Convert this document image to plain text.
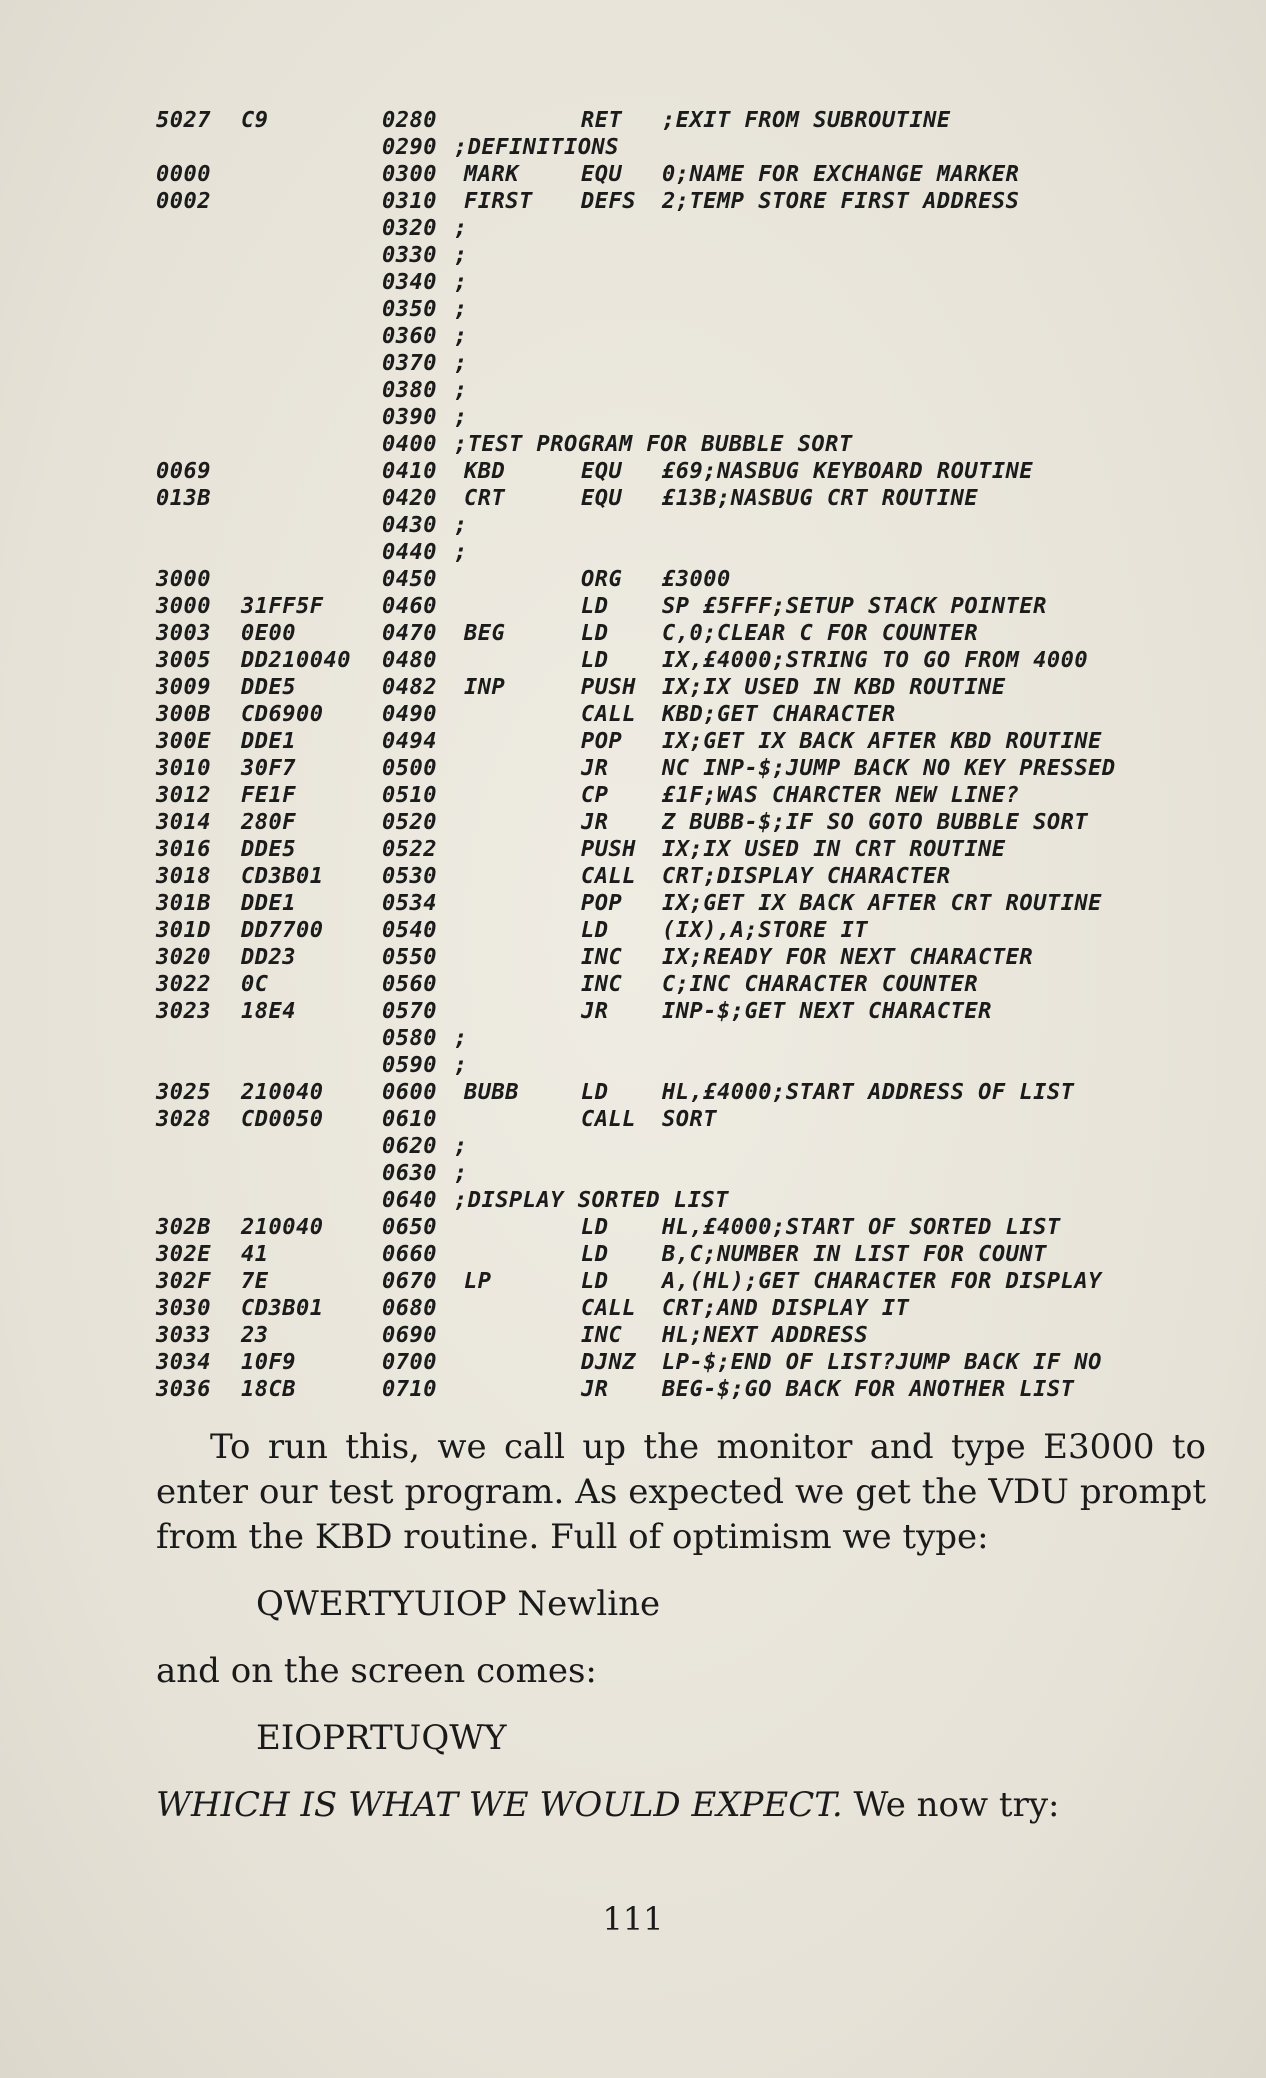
5027 C9	0280	RET ;EXIT FROM SUBROUTINE
0290 ;DEFINITIONS
0000	0300 MARK	EQU 0;NAME FOR EXCHANGE MARKER
0002	0310 FIRST DEFS 2;TEMP STORE FIRST ADDRESS
0320 ;
0330 ;
0340 ;
0350 ;
0360 ;
0370 ;
0380 ;
0390 ;
0400 ;TEST PROGRAM FOR BUBBLE SORT
0069	0410 KBD	EQU £69;NASBUG KEYBOARD ROUTINE
013B	0420 CRT	EQU £13B;NASBUG CRT ROUTINE
0430 ;
0440 ;
3000	0450	ORG £3000
3000 31FF5F	0460	LD SP £5FFF;SETUP STACK POINTER
3003 0E00	0470 BEG	LD C,0;CLEAR C FOR COUNTER
3005 DD210040 0480	LD IX,£4000;STRING TO GO FROM 4000
3009 DDE5	0482 INP	PUSH IX;IX USED IN KBD ROUTINE
300B CD6900	0490	CALL KBD;GET CHARACTER
300E DDE1	0494	POP IX;GET IX BACK AFTER KBD ROUTINE
3010 30F7	0500	JR NC INP-$;JUMP BACK NO KEY PRESSED
3012 FE1F	0510	CP £1F;WAS CHARCTER NEW LINE?
3014 280F	0520	JR Z BUBB-$;IF SO GOTO BUBBLE SORT
3016 DDE5	0522	PUSH IX;IX USED IN CRT ROUTINE
3018 CD3B01	0530	CALL CRT;DISPLAY CHARACTER
301B DDE1	0534	POP IX;GET IX BACK AFTER CRT ROUTINE
301D DD7700	0540	LD (IX),A;STORE IT
3020 DD23	0550	INC IX;READY FOR NEXT CHARACTER
3022 0C	0560	INC C;INC CHARACTER COUNTER
3023 18E4	0570	JR INP-$;GET NEXT CHARACTER
0580 ;
0590 ;
3025 210040	0600 BUBB	LD HL,£4000;START ADDRESS OF LIST
3028 CD0050	0610	CALL SORT
0620 ;
0630 ;
0640 ;DISPLAY SORTED LIST
302B 210040	0650	LD HL,£4000;START OF SORTED LIST
302E 41	0660	LD B,C;NUMBER IN LIST FOR COUNT
302F 7E	0670 LP	LD A,(HL);GET CHARACTER FOR DISPLAY
3030 CD3B01	0680	CALL CRT;AND DISPLAY IT
3033 23	0690	INC HL;NEXT ADDRESS
3034 10F9	0700	DJNZ LP-$;END OF LIST?JUMP BACK IF NO
3036 18CB	0710	JR BEG-$;GO BACK FOR ANOTHER LIST

To run this, we call up the monitor and type E3000 to enter our test program. As expected we get the VDU prompt from the KBD routine. Full of optimism we type:

QWERTYUIOP Newline

and on the screen comes:

EIOPRTUQWY

WHICH IS WHAT WE WOULD EXPECT. We now try:

111
